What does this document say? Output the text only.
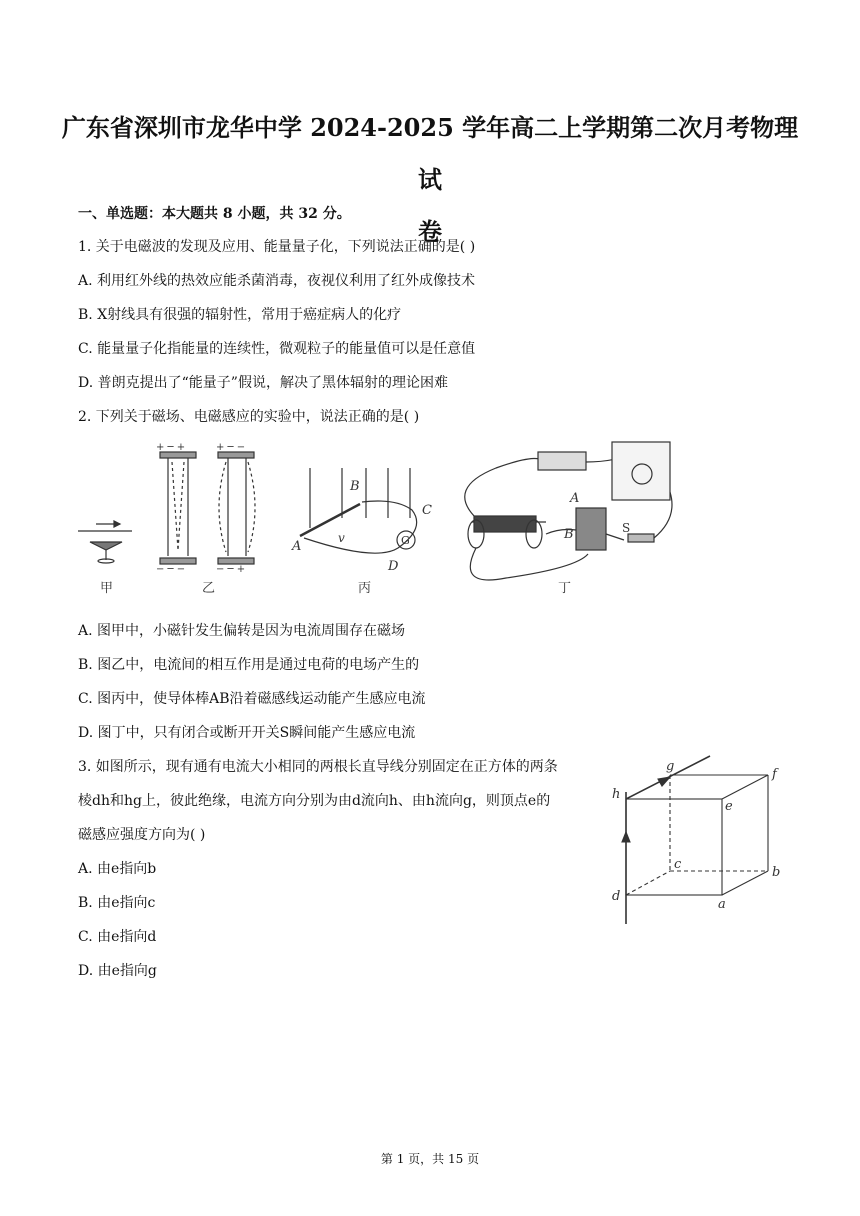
广东省深圳市龙华中学 2024-2025 学年高二上学期第二次月考物理试
卷
一、单选题：本大题共 8 小题，共 32 分。
1. 关于电磁波的发现及应用、能量量子化，下列说法正确的是( )
A. 利用红外线的热效应能杀菌消毒，夜视仪利用了红外成像技术
B. X射线具有很强的辐射性，常用于癌症病人的化疗
C. 能量量子化指能量的连续性，微观粒子的能量值可以是任意值
D. 普朗克提出了“能量子”假说，解决了黑体辐射的理论困难
2. 下列关于磁场、电磁感应的实验中，说法正确的是( )
甲
+ ─ +
− ─ −
+ ─ −
− ─ +
乙
A
B
C
D
G
v
丙
A
B	S
丁
A. 图甲中，小磁针发生偏转是因为电流周围存在磁场
B. 图乙中，电流间的相互作用是通过电荷的电场产生的
C. 图丙中，使导体棒AB沿着磁感线运动能产生感应电流
D. 图丁中，只有闭合或断开开关S瞬间能产生感应电流
3. 如图所示，现有通有电流大小相同的两根长直导线分别固定在正方体的两条
棱dh和hg上，彼此绝缘，电流方向分别为由d流向h、由h流向g，则顶点e的
磁感应强度方向为( )
A. 由e指向b
B. 由e指向c
C. 由e指向d
D. 由e指向g
h
g
f
e
c
b
d
a
第 1 页，共 15 页
